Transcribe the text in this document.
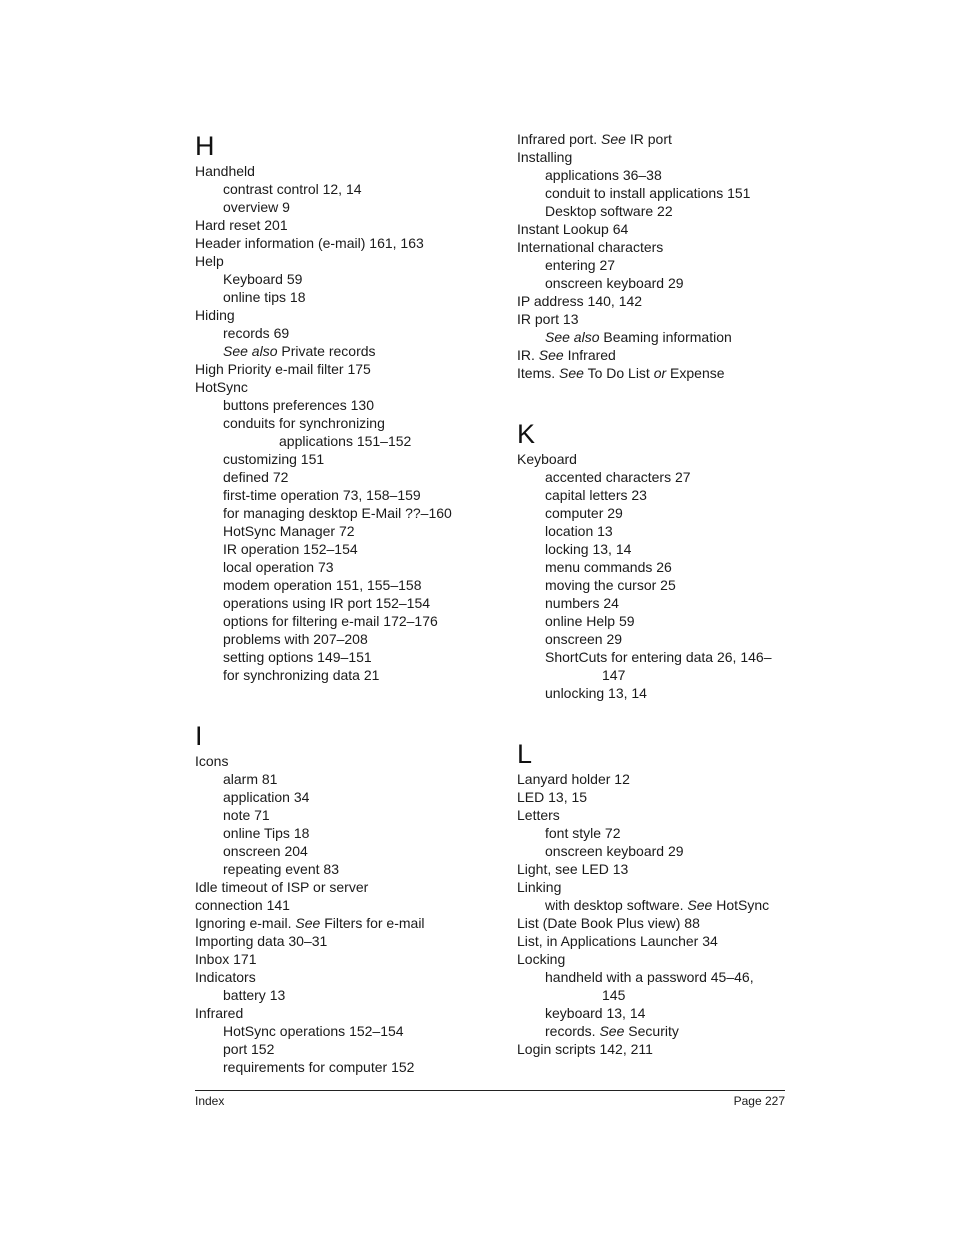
H
Handheld
contrast control 12, 14
overview 9
Hard reset 201
Header information (e-mail) 161, 163
Help
Keyboard 59
online tips 18
Hiding
records 69
See also Private records
High Priority e-mail filter 175
HotSync
buttons preferences 130
conduits for synchronizing
applications 151–152
customizing 151
defined 72
first-time operation 73, 158–159
for managing desktop E-Mail ??–160
HotSync Manager 72
IR operation 152–154
local operation 73
modem operation 151, 155–158
operations using IR port 152–154
options for filtering e-mail 172–176
problems with 207–208
setting options 149–151
for synchronizing data 21
I
Icons
alarm 81
application 34
note 71
online Tips 18
onscreen 204
repeating event 83
Idle timeout of ISP or server
connection 141
Ignoring e-mail. See Filters for e-mail
Importing data 30–31
Inbox 171
Indicators
battery 13
Infrared
HotSync operations 152–154
port 152
requirements for computer 152
Infrared port. See IR port
Installing
applications 36–38
conduit to install applications 151
Desktop software 22
Instant Lookup 64
International characters
entering 27
onscreen keyboard 29
IP address 140, 142
IR port 13
See also Beaming information
IR. See Infrared
Items. See To Do List or Expense
K
Keyboard
accented characters 27
capital letters 23
computer 29
location 13
locking 13, 14
menu commands 26
moving the cursor 25
numbers 24
online Help 59
onscreen 29
ShortCuts for entering data 26, 146–
147
unlocking 13, 14
L
Lanyard holder 12
LED 13, 15
Letters
font style 72
onscreen keyboard 29
Light, see LED 13
Linking
with desktop software. See HotSync
List (Date Book Plus view) 88
List, in Applications Launcher 34
Locking
handheld with a password 45–46,
145
keyboard 13, 14
records. See Security
Login scripts 142, 211
Index	Page 227
